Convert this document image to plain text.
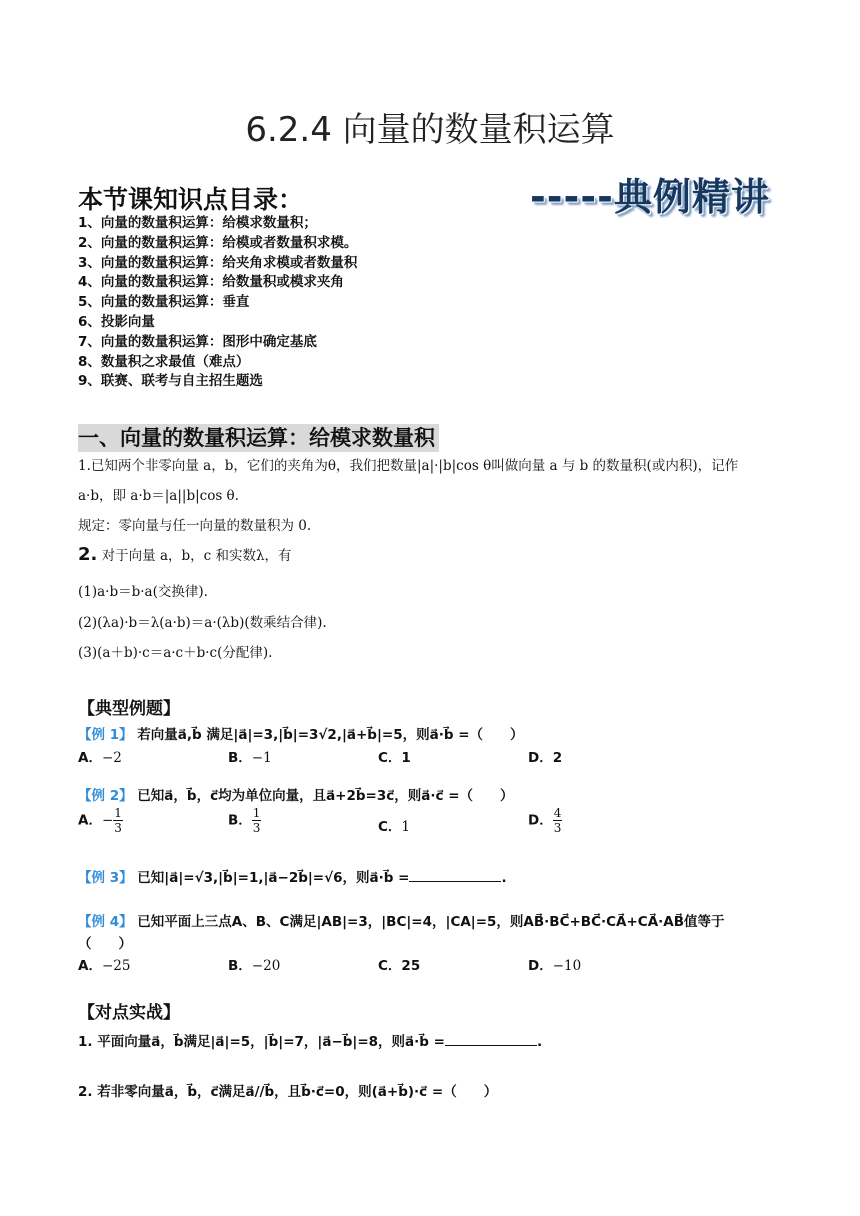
6.2.4 向量的数量积运算
本节课知识点目录：	-----典例精讲
1、向量的数量积运算：给模求数量积；
2、向量的数量积运算：给模或者数量积求模。
3、向量的数量积运算：给夹角求模或者数量积
4、向量的数量积运算：给数量积或模求夹角
5、向量的数量积运算：垂直
6、投影向量
7、向量的数量积运算：图形中确定基底
8、数量积之求最值（难点）
9、联赛、联考与自主招生题选
一、向量的数量积运算：给模求数量积
1.已知两个非零向量 a，b，它们的夹角为θ，我们把数量|a|·|b|cos θ叫做向量 a 与 b 的数量积(或内积)，记作
a·b，即 a·b＝|a||b|cos θ.
规定：零向量与任一向量的数量积为 0.
2. 对于向量 a，b，c 和实数λ，有
(1)a·b＝b·a(交换律).
(2)(λa)·b＝λ(a·b)＝a·(λb)(数乘结合律).
(3)(a＋b)·c＝a·c＋b·c(分配律).
【典型例题】
【例 1】 若向量a⃗,b⃗ 满足|a⃗|=3,|b⃗|=3√2,|a⃗+b⃗|=5，则a⃗·b⃗ =（　　）
A．−2	B．−1	C．1	D．2
【例 2】 已知a⃗，b⃗，c⃗均为单位向量，且a⃗+2b⃗=3c⃗，则a⃗·c⃗ =（　　）
A．− $\frac{1}{3}$	B． $\frac{1}{3}$	C．1	D． $\frac{4}{3}$
【例 3】 已知|a⃗|=√3,|b⃗|=1,|a⃗−2b⃗|=√6，则a⃗·b⃗ =	.
【例 4】 已知平面上三点A、B、C满足|AB|=3，|BC|=4，|CA|=5，则AB⃗·BC⃗+BC⃗·CA⃗+CA⃗·AB⃗值等于
（　　）
A．−25	B．−20	C．25	D．−10
【对点实战】
1. 平面向量a⃗，b⃗满足|a⃗|=5，|b⃗|=7，|a⃗−b⃗|=8，则a⃗·b⃗ =	.
2. 若非零向量a⃗，b⃗，c⃗满足a⃗//b⃗，且b⃗·c⃗=0，则(a⃗+b⃗)·c⃗ =（　　）
